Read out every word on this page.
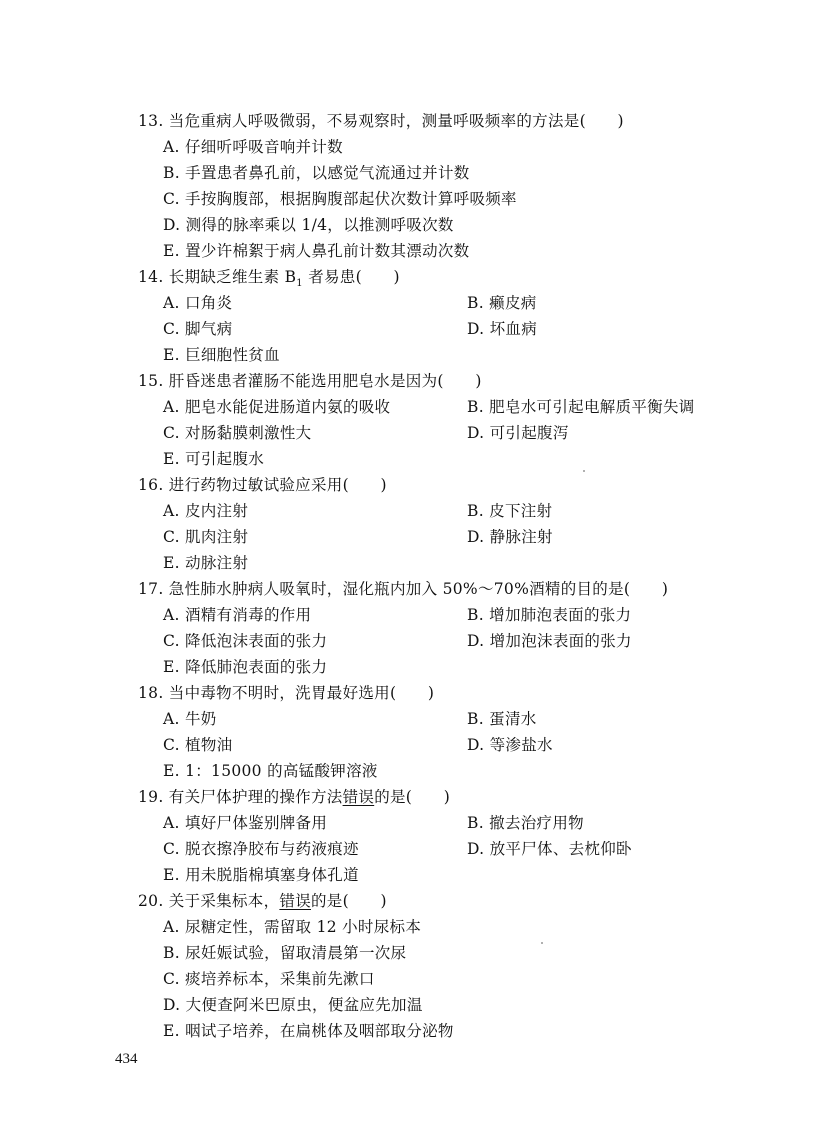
13. 当危重病人呼吸微弱，不易观察时，测量呼吸频率的方法是(　　)
A. 仔细听呼吸音响并计数
B. 手置患者鼻孔前，以感觉气流通过并计数
C. 手按胸腹部，根据胸腹部起伏次数计算呼吸频率
D. 测得的脉率乘以 1/4，以推测呼吸次数
E. 置少许棉絮于病人鼻孔前计数其漂动次数
14. 长期缺乏维生素 $B_1$ 者易患(　　)
A. 口角炎	B. 癞皮病
C. 脚气病	D. 坏血病
E. 巨细胞性贫血
15. 肝昏迷患者灌肠不能选用肥皂水是因为(　　)
A. 肥皂水能促进肠道内氨的吸收	B. 肥皂水可引起电解质平衡失调
C. 对肠黏膜刺激性大	D. 可引起腹泻
E. 可引起腹水
16. 进行药物过敏试验应采用(　　)
A. 皮内注射	B. 皮下注射
C. 肌肉注射	D. 静脉注射
E. 动脉注射
17. 急性肺水肿病人吸氧时，湿化瓶内加入 50%～70%酒精的目的是(　　)
A. 酒精有消毒的作用	B. 增加肺泡表面的张力
C. 降低泡沫表面的张力	D. 增加泡沫表面的张力
E. 降低肺泡表面的张力
18. 当中毒物不明时，洗胃最好选用(　　)
A. 牛奶	B. 蛋清水
C. 植物油	D. 等渗盐水
E. 1：15000 的高锰酸钾溶液
19. 有关尸体护理的操作方法错误的是(　　)
A. 填好尸体鉴别牌备用	B. 撤去治疗用物
C. 脱衣擦净胶布与药液痕迹	D. 放平尸体、去枕仰卧
E. 用未脱脂棉填塞身体孔道
20. 关于采集标本，错误的是(　　)
A. 尿糖定性，需留取 12 小时尿标本
B. 尿妊娠试验，留取清晨第一次尿
C. 痰培养标本，采集前先漱口
D. 大便查阿米巴原虫，便盆应先加温
E. 咽试子培养，在扁桃体及咽部取分泌物
434
